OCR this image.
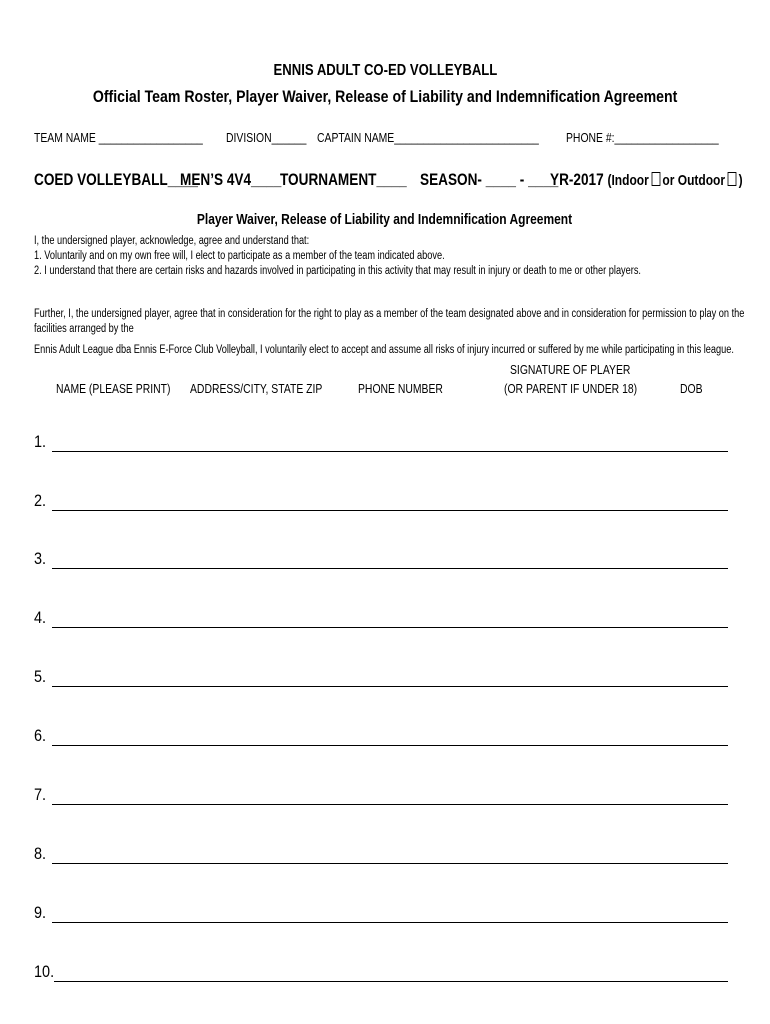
ENNIS ADULT CO-ED VOLLEYBALL
Official Team Roster, Player Waiver, Release of Liability and Indemnification Agreement
TEAM NAME __________________ DIVISION______ CAPTAIN NAME_________________________ PHONE #:__________________
COED VOLLEYBALL____
MEN’S 4V4____
TOURNAMENT____ SEASON- ____ - ____
YR-2017 (Indoor or Outdoor )
Player Waiver, Release of Liability and Indemnification Agreement
I, the undersigned player, acknowledge, agree and understand that:
1. Voluntarily and on my own free will, I elect to participate as a member of the team indicated above.
2. I understand that there are certain risks and hazards involved in participating in this activity that may result in injury or death to me or other players.
Further, I, the undersigned player, agree that in consideration for the right to play as a member of the team designated above and in consideration for permission to play on the
facilities arranged by the
Ennis Adult League dba Ennis E-Force Club Volleyball, I voluntarily elect to accept and assume all risks of injury incurred or suffered by me while participating in this league.
NAME (PLEASE PRINT) ADDRESS/CITY, STATE ZIP	PHONE NUMBER
SIGNATURE OF PLAYER
(OR PARENT IF UNDER 18)	DOB
1.
2.
3.
4.
5.
6.
7.
8.
9.
10.
